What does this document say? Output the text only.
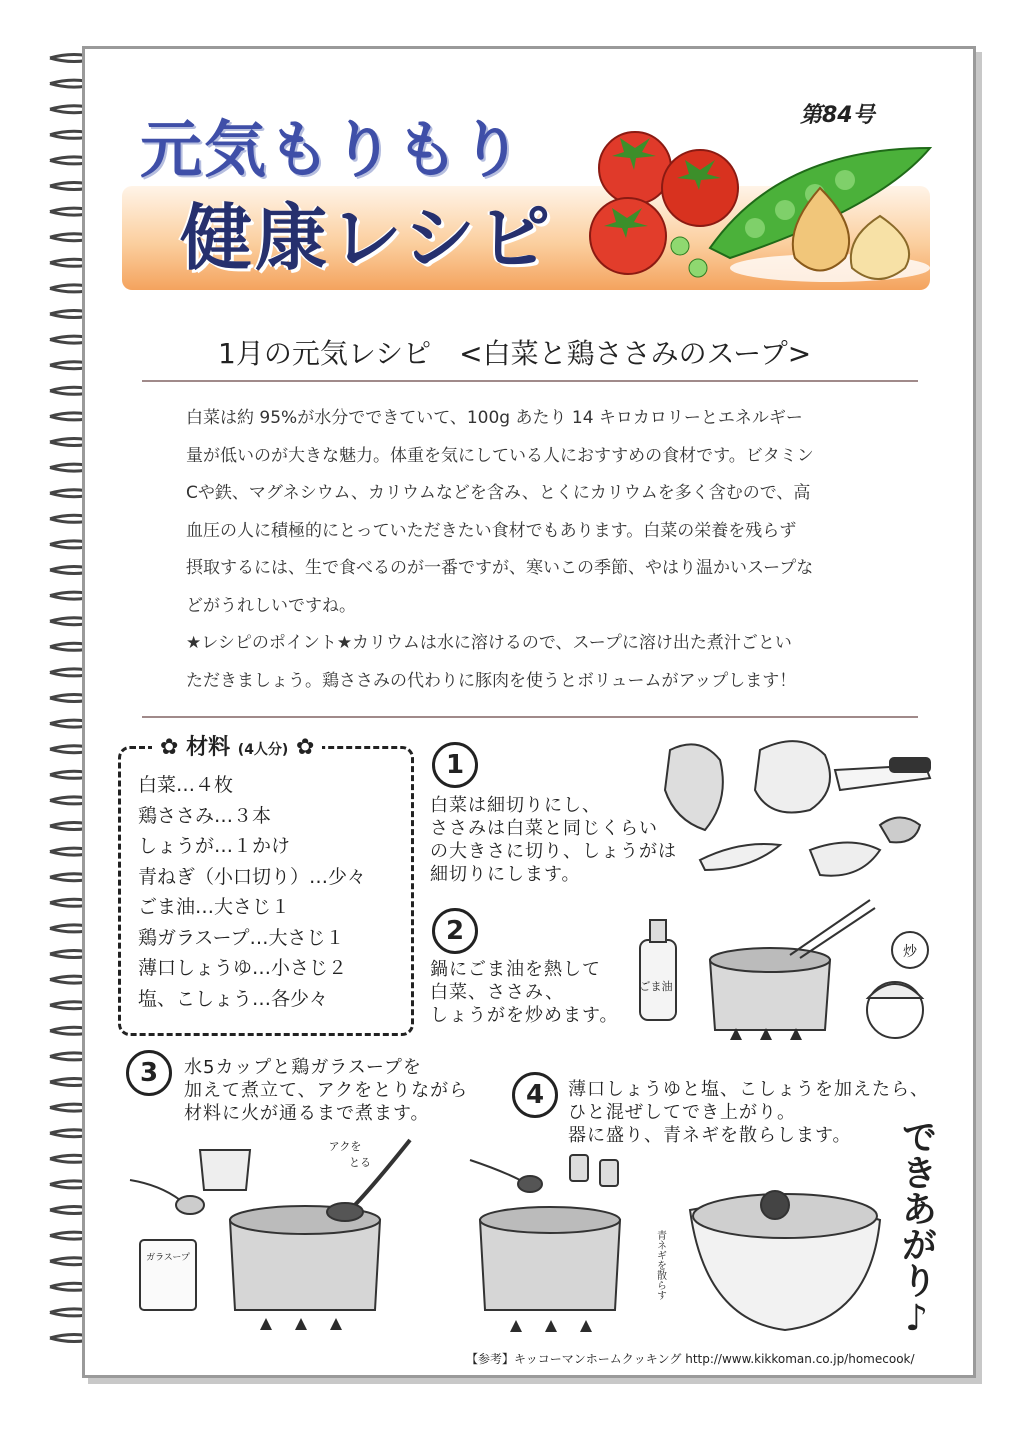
元気もりもり
健康レシピ
第84号
1月の元気レシピ　<白菜と鶏ささみのスープ>

白菜は約 95%が水分でできていて、100g あたり 14 キロカロリーとエネルギー

量が低いのが大きな魅力。体重を気にしている人におすすめの食材です。ビタミン

Cや鉄、マグネシウム、カリウムなどを含み、とくにカリウムを多く含むので、高

血圧の人に積極的にとっていただきたい食材でもあります。白菜の栄養を残らず

摂取するには、生で食べるのが一番ですが、寒いこの季節、やはり温かいスープな

どがうれしいですね。

★レシピのポイント★カリウムは水に溶けるので、スープに溶け出た煮汁ごとい

ただきましょう。鶏ささみの代わりに豚肉を使うとボリュームがアップします！

✿ 材料 (4人分) ✿
白菜…４枚
鶏ささみ…３本
しょうが…１かけ
青ねぎ（小口切り）…少々
ごま油…大さじ１
鶏ガラスープ…大さじ１
薄口しょうゆ…小さじ２
塩、こしょう…各少々
1

白菜は細切りにし、

ささみは白菜と同じくらい

の大きさに切り、しょうがは

細切りにします。

2

鍋にごま油を熱して

白菜、ささみ、

しょうがを炒めます。

ごま油
炒
3	水5カップと鶏ガラスープを

加えて煮立て、アクをとりながら

材料に火が通るまで煮ます。

ガラスープ
アクを
とる
4	薄口しょうゆと塩、こしょうを加えたら、

ひと混ぜしてでき上がり。

器に盛り、青ネギを散らします。

青ネギを散らす	できあがり♪
【参考】キッコーマンホームクッキング http://www.kikkoman.co.jp/homecook/
